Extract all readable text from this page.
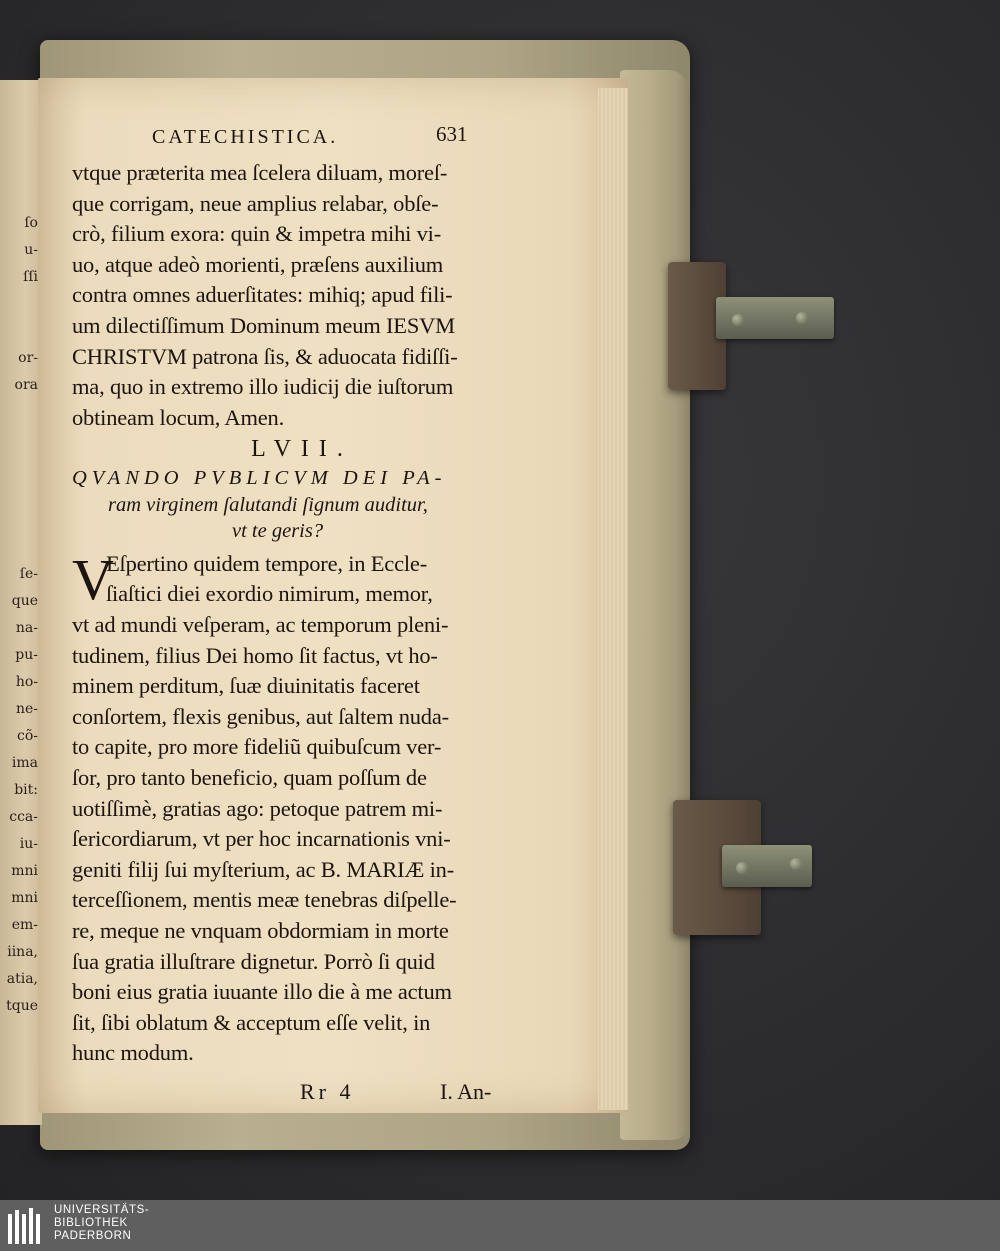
ſo
u-
ſſi
or-
ora
ſe-
que
na-
pu-
ho-
ne-
cõ-
ima
bit:
cca-
iu-
mni
mni
em-
iina,
atia,
tque
CATECHISTICA.	631
vtque præterita mea ſcelera diluam, moreſ-
que corrigam, neue amplius relabar, obſe-
crò, filium exora: quin & impetra mihi vi-
uo, atque adeò morienti, præſens auxilium
contra omnes aduerſitates: mihiq; apud fili-
um dilectiſſimum Dominum meum IESVM
CHRISTVM patrona ſis, & aduocata fidiſſi-
ma, quo in extremo illo iudicij die iuſtorum
obtineam locum, Amen.
LVII.
QVANDO PVBLICVM DEI PA-
ram virginem ſalutandi ſignum auditur,
vt te geris?
V
Eſpertino quidem tempore, in Eccle-
ſiaſtici diei exordio nimirum, memor,
vt ad mundi veſperam, ac temporum pleni-
tudinem, filius Dei homo ſit factus, vt ho-
minem perditum, ſuæ diuinitatis faceret
conſortem, flexis genibus, aut ſaltem nuda-
to capite, pro more fideliũ quibuſcum ver-
ſor, pro tanto beneficio, quam poſſum de
uotiſſimè, gratias ago: petoque patrem mi-
ſericordiarum, vt per hoc incarnationis vni-
geniti filij ſui myſterium, ac B. MARIÆ in-
terceſſionem, mentis meæ tenebras diſpelle-
re, meque ne vnquam obdormiam in morte
ſua gratia illuſtrare dignetur. Porrò ſi quid
boni eius gratia iuuante illo die à me actum
ſit, ſibi oblatum & acceptum eſſe velit, in
hunc modum.
Rr 4	I. An-
UNIVERSITÄTS-
BIBLIOTHEK
PADERBORN
